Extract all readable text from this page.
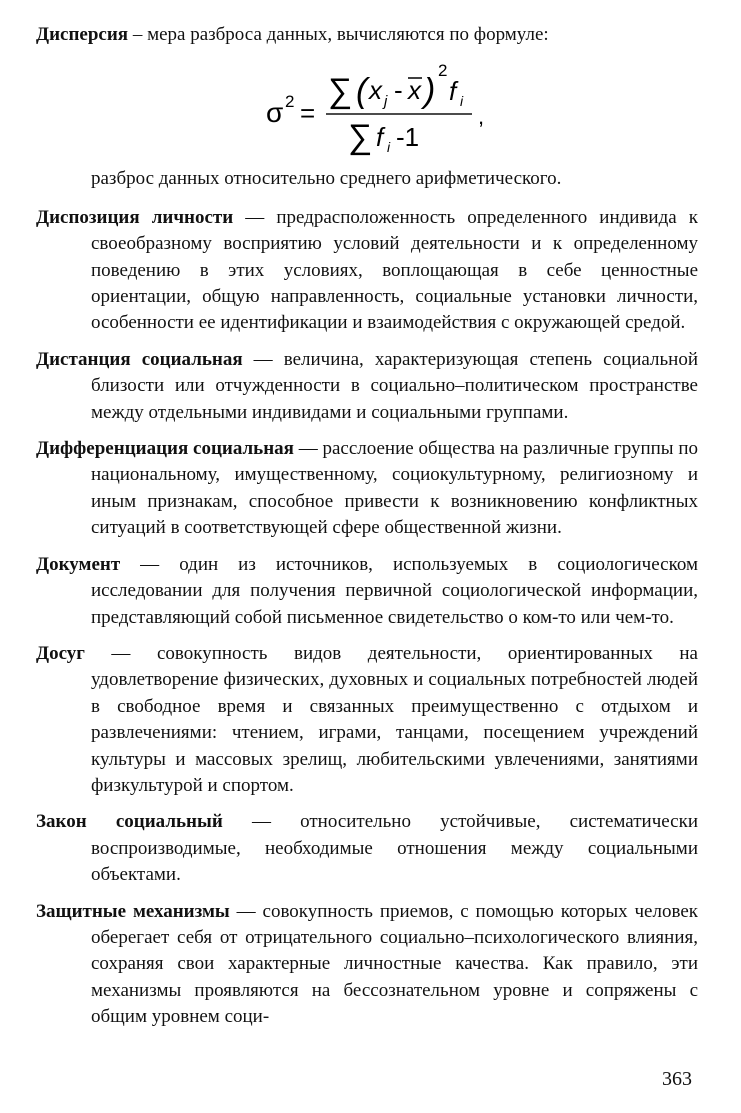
Дисперсия – мера разброса данных, вычисляются по формуле:

σ 2 =
∑ ( x j - x )
2
f i
∑ f i -1
,

разброс данных относительно среднего арифметического.

Диспозиция личности — предрасположенность определенного индивида к своеобразному восприятию условий деятельности и к определенному поведению в этих условиях, воплощающая в себе ценностные ориентации, общую направленность, социальные установки личности, особенности ее идентификации и взаимодействия с окружающей средой.

Дистанция социальная — величина, характеризующая степень социальной близости или отчужденности в социально–политическом пространстве между отдельными индивидами и социальными группами.

Дифференциация социальная — расслоение общества на различные группы по национальному, имущественному, социокультурному, религиозному и иным признакам, способное привести к возникновению конфликтных ситуаций в соответствующей сфере общественной жизни.

Документ — один из источников, используемых в социологическом исследовании для получения первичной социологической информации, представляющий собой письменное свидетельство о ком-то или чем-то.

Досуг — совокупность видов деятельности, ориентированных на удовлетворение физических, духовных и социальных потребностей людей в свободное время и связанных преимущественно с отдыхом и развлечениями: чтением, играми, танцами, посещением учреждений культуры и массовых зрелищ, любительскими увлечениями, занятиями физкультурой и спортом.

Закон социальный — относительно устойчивые, систематически воспроизводимые, необходимые отношения между социальными объектами.

Защитные механизмы — совокупность приемов, с помощью которых человек оберегает себя от отрицательного социально–психологического влияния, сохраняя свои характерные личностные качества. Как правило, эти механизмы проявляются на бессознательном уровне и сопряжены с общим уровнем соци-

363
